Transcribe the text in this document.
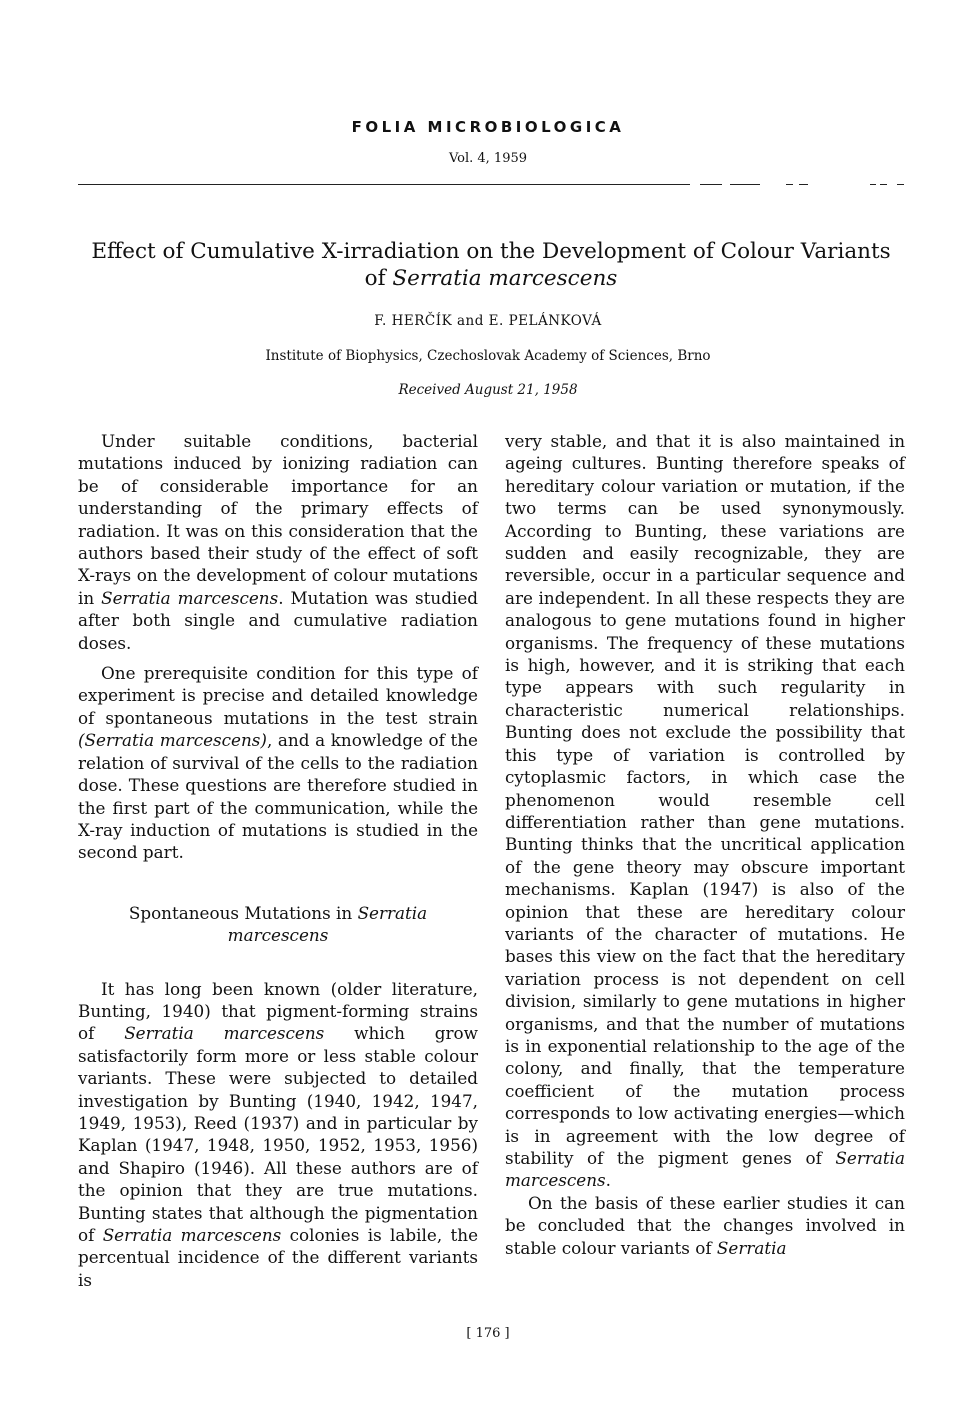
FOLIA MICROBIOLOGICA
Vol. 4, 1959
Effect of Cumulative X-irradiation on the Development of Colour Variants
of Serratia marcescens
F. HERČÍK and E. PELÁNKOVÁ
Institute of Biophysics, Czechoslovak Academy of Sciences, Brno
Received August 21, 1958

Under suitable conditions, bacterial mutations induced by ionizing radiation can be of considerable importance for an understanding of the primary effects of radiation. It was on this consideration that the authors based their study of the effect of soft X-rays on the development of colour mutations in Serratia marcescens. Mutation was studied after both single and cumulative radiation doses.

One prerequisite condition for this type of experiment is precise and detailed knowledge of spontaneous mutations in the test strain (Serratia marcescens), and a knowledge of the relation of survival of the cells to the radiation dose. These questions are therefore studied in the first part of the communication, while the X-ray induction of mutations is studied in the second part.

Spontaneous Mutations in Serratia marcescens

It has long been known (older literature, Bunting, 1940) that pigment-forming strains of Serratia marcescens which grow satisfactorily form more or less stable colour variants. These were subjected to detailed investigation by Bunting (1940, 1942, 1947, 1949, 1953), Reed (1937) and in particular by Kaplan (1947, 1948, 1950, 1952, 1953, 1956) and Shapiro (1946). All these authors are of the opinion that they are true mutations. Bunting states that although the pigmentation of Serratia marcescens colonies is labile, the percentual incidence of the different variants is

very stable, and that it is also maintained in ageing cultures. Bunting therefore speaks of hereditary colour variation or mutation, if the two terms can be used synonymously. According to Bunting, these variations are sudden and easily recognizable, they are reversible, occur in a particular sequence and are independent. In all these respects they are analogous to gene mutations found in higher organisms. The frequency of these mutations is high, however, and it is striking that each type appears with such regularity in characteristic numerical relationships. Bunting does not exclude the possibility that this type of variation is controlled by cytoplasmic factors, in which case the phenomenon would resemble cell differentiation rather than gene mutations. Bunting thinks that the uncritical application of the gene theory may obscure important mechanisms. Kaplan (1947) is also of the opinion that these are hereditary colour variants of the character of mutations. He bases this view on the fact that the hereditary variation process is not dependent on cell division, similarly to gene mutations in higher organisms, and that the number of mutations is in exponential relationship to the age of the colony, and finally, that the temperature coefficient of the mutation process corresponds to low activating energies—which is in agreement with the low degree of stability of the pigment genes of Serratia marcescens.

On the basis of these earlier studies it can be concluded that the changes involved in stable colour variants of Serratia

[ 176 ]
